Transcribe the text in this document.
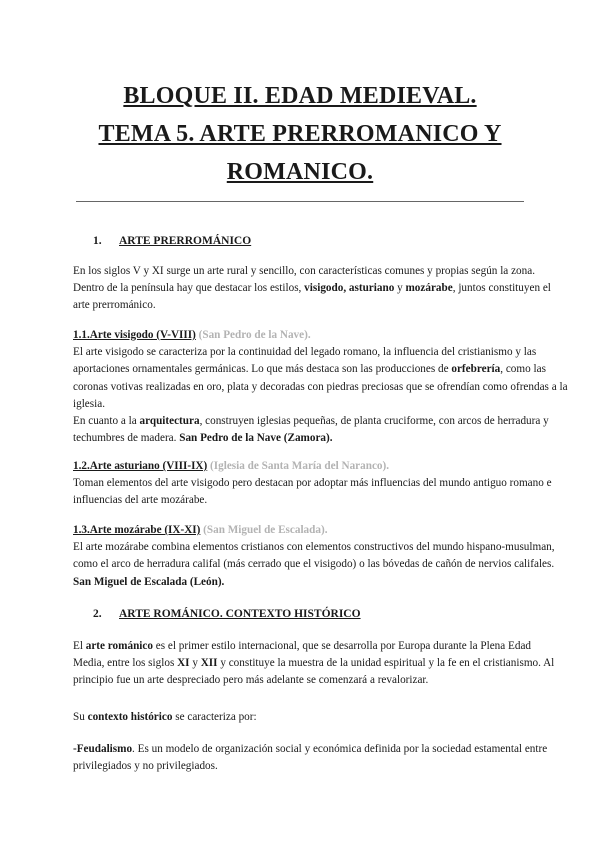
BLOQUE II. EDAD MEDIEVAL.
TEMA 5. ARTE PRERROMANICO Y
ROMANICO.
1. ARTE PRERROMÁNICO
En los siglos V y XI surge un arte rural y sencillo, con características comunes y propias según la zona.
Dentro de la península hay que destacar los estilos, visigodo, asturiano y mozárabe, juntos constituyen el
arte prerrománico.
1.1.Arte visigodo (V-VIII) (San Pedro de la Nave).
El arte visigodo se caracteriza por la continuidad del legado romano, la influencia del cristianismo y las
aportaciones ornamentales germánicas. Lo que más destaca son las producciones de orfebrería, como las
coronas votivas realizadas en oro, plata y decoradas con piedras preciosas que se ofrendían como ofrendas a la
iglesia.
En cuanto a la arquitectura, construyen iglesias pequeñas, de planta cruciforme, con arcos de herradura y
techumbres de madera. San Pedro de la Nave (Zamora).
1.2.Arte asturiano (VIII-IX) (Iglesia de Santa María del Naranco).
Toman elementos del arte visigodo pero destacan por adoptar más influencias del mundo antiguo romano e
influencias del arte mozárabe.
1.3.Arte mozárabe (IX-XI) (San Miguel de Escalada).
El arte mozárabe combina elementos cristianos con elementos constructivos del mundo hispano-musulman,
como el arco de herradura califal (más cerrado que el visigodo) o las bóvedas de cañón de nervios califales.
San Miguel de Escalada (León).
2. ARTE ROMÁNICO. CONTEXTO HISTÓRICO
El arte románico es el primer estilo internacional, que se desarrolla por Europa durante la Plena Edad
Media, entre los siglos XI y XII y constituye la muestra de la unidad espiritual y la fe en el cristianismo. Al
principio fue un arte despreciado pero más adelante se comenzará a revalorizar.
Su contexto histórico se caracteriza por:
-Feudalismo. Es un modelo de organización social y económica definida por la sociedad estamental entre
privilegiados y no privilegiados.
